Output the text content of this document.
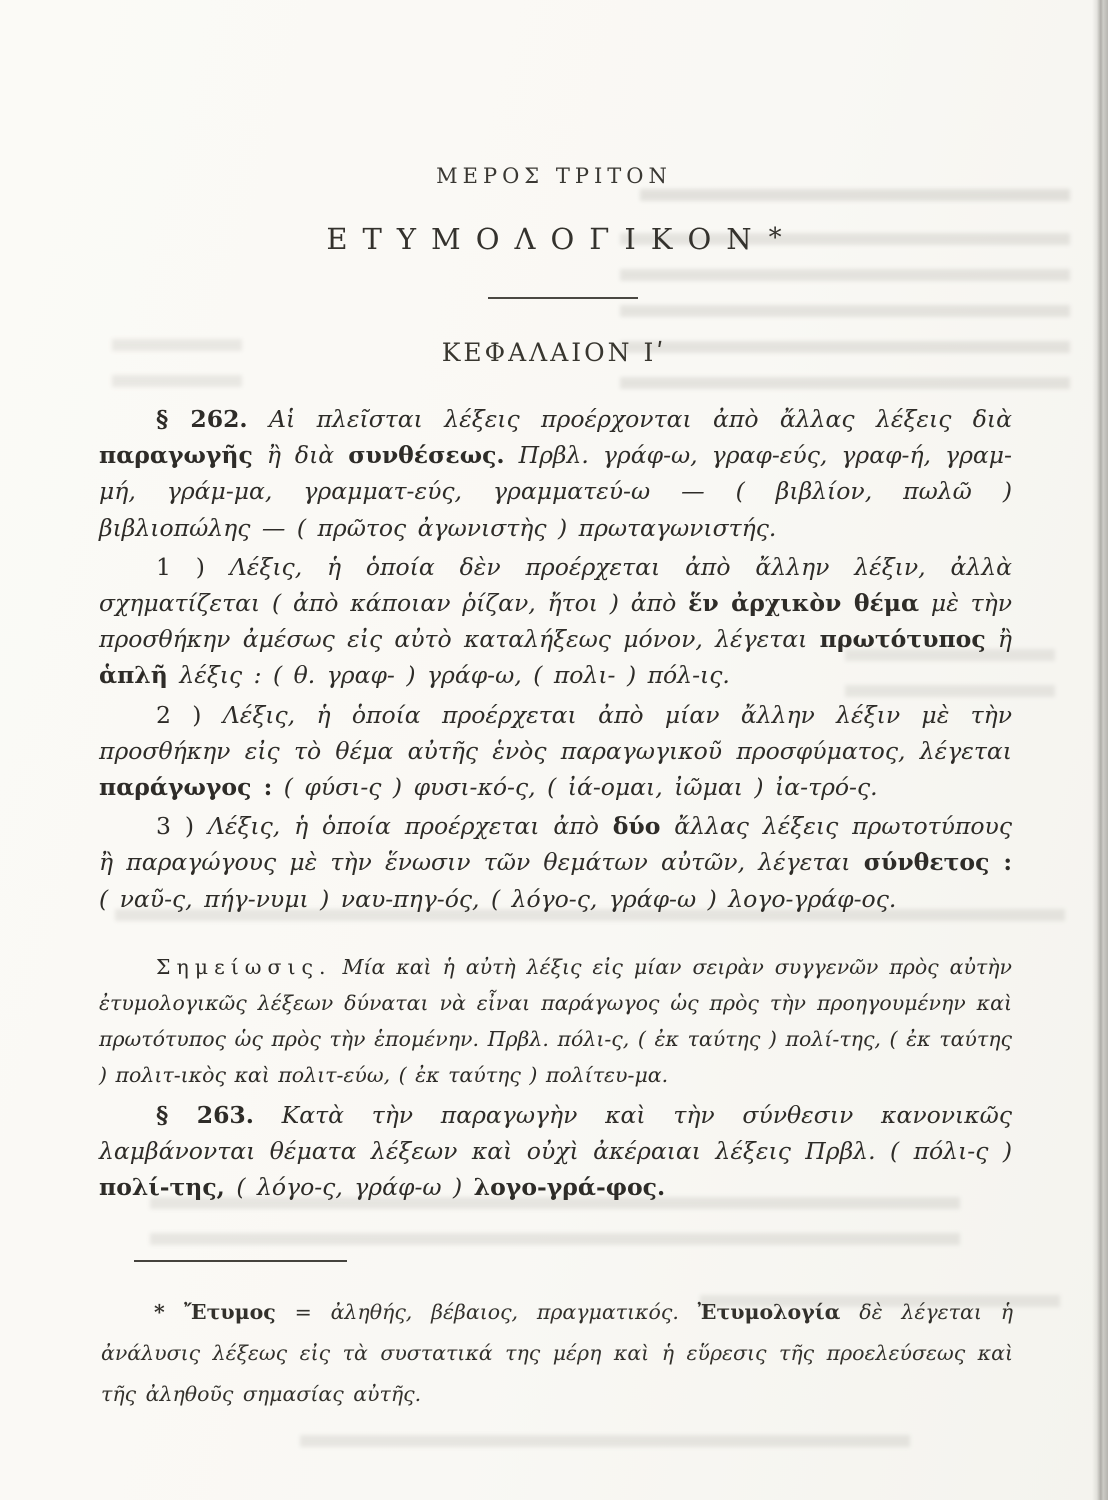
ΜΕΡΟΣ ΤΡΙΤΟΝ
ΕΤΥΜΟΛΟΓΙΚΟΝ*
ΚΕΦΑΛΑΙΟΝ Ιʹ

§ 262. Αἱ πλεῖσται λέξεις προέρχονται ἀπὸ ἄλλας λέξεις διὰ παραγωγῆς ἢ διὰ συνθέσεως. Πρβλ. γράφ-ω, γραφ-εύς, γραφ-ή, γραμ-μή, γράμ-μα, γραμματ-εύς, γραμματεύ-ω — ( βιβλίον, πωλῶ ) βιβλιοπώλης — ( πρῶτος ἀγωνιστὴς ) πρωταγωνιστής.

1 ) Λέξις, ἡ ὁποία δὲν προέρχεται ἀπὸ ἄλλην λέξιν, ἀλλὰ σχηματίζεται ( ἀπὸ κάποιαν ῥίζαν, ἤτοι ) ἀπὸ ἕν ἀρχικὸν θέμα μὲ τὴν προσθήκην ἀμέσως εἰς αὐτὸ καταλήξεως μόνον, λέγεται πρωτότυπος ἢ ἁπλῆ λέξις : ( θ. γραφ- ) γράφ-ω, ( πολι- ) πόλ-ις.

2 ) Λέξις, ἡ ὁποία προέρχεται ἀπὸ μίαν ἄλλην λέξιν μὲ τὴν προσθήκην εἰς τὸ θέμα αὐτῆς ἑνὸς παραγωγικοῦ προσφύματος, λέγεται παράγωγος : ( φύσι-ς ) φυσι-κό-ς, ( ἰά-ομαι, ἰῶμαι ) ἰα-τρό-ς.

3 ) Λέξις, ἡ ὁποία προέρχεται ἀπὸ δύο ἄλλας λέξεις πρωτοτύπους ἢ παραγώγους μὲ τὴν ἕνωσιν τῶν θεμάτων αὐτῶν, λέγεται σύνθετος : ( ναῦ-ς, πήγ-νυμι ) ναυ-πηγ-ός, ( λόγο-ς, γράφ-ω ) λογο-γράφ-ος.

Σημείωσις. Μία καὶ ἡ αὐτὴ λέξις εἰς μίαν σειρὰν συγγενῶν πρὸς αὐτὴν ἐτυμολογικῶς λέξεων δύναται νὰ εἶναι παράγωγος ὡς πρὸς τὴν προηγουμένην καὶ πρωτότυπος ὡς πρὸς τὴν ἑπομένην. Πρβλ. πόλι-ς, ( ἐκ ταύτης ) πολί-της, ( ἐκ ταύτης ) πολιτ-ικὸς καὶ πολιτ-εύω, ( ἐκ ταύτης ) πολίτευ-μα.

§ 263. Κατὰ τὴν παραγωγὴν καὶ τὴν σύνθεσιν κανονικῶς λαμβάνονται θέματα λέξεων καὶ οὐχὶ ἀκέραιαι λέξεις Πρβλ. ( πόλι-ς ) πολί-της, ( λόγο-ς, γράφ-ω ) λογο-γρά-φος.

* Ἔτυμος = ἀληθής, βέβαιος, πραγματικός. Ἐτυμολογία δὲ λέγεται ἡ ἀνάλυσις λέξεως εἰς τὰ συστατικά της μέρη καὶ ἡ εὕρεσις τῆς προελεύσεως καὶ τῆς ἀληθοῦς σημασίας αὐτῆς.
